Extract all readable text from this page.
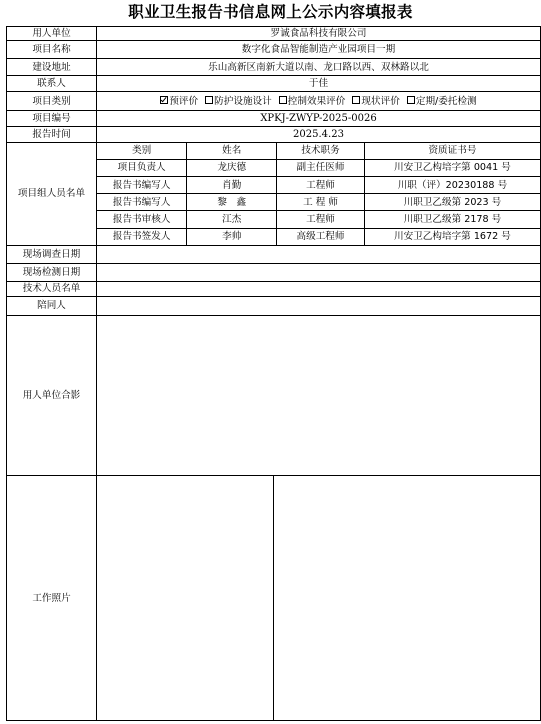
职业卫生报告书信息网上公示内容填报表
用人单位	罗诚食品科技有限公司
项目名称	数字化食品智能制造产业园项目一期
建设地址	乐山高新区南新大道以南、龙口路以西、双林路以北
联系人	于佳
项目类别	预评价 防护设施设计 控制效果评价 现状评价 定期/委托检测
项目编号	XPKJ-ZWYP-2025-0026
报告时间	2025.4.23
项目组人员名单	
类别	姓名	技术职务	资质证书号
项目负责人	龙庆德	副主任医师	川安卫乙构培字第 0041 号
报告书编写人	肖勤	工程师	川职（评）20230188 号
报告书编写人	黎　鑫	工 程 师	川职卫乙级第 2023 号
报告书审核人	江杰	工程师	川职卫乙级第 2178 号
报告书签发人	李帅	高级工程师	川安卫乙构培字第 1672 号

现场调查日期	
现场检测日期	
技术人员名单	
陪同人	
用人单位合影	
工作照片		
